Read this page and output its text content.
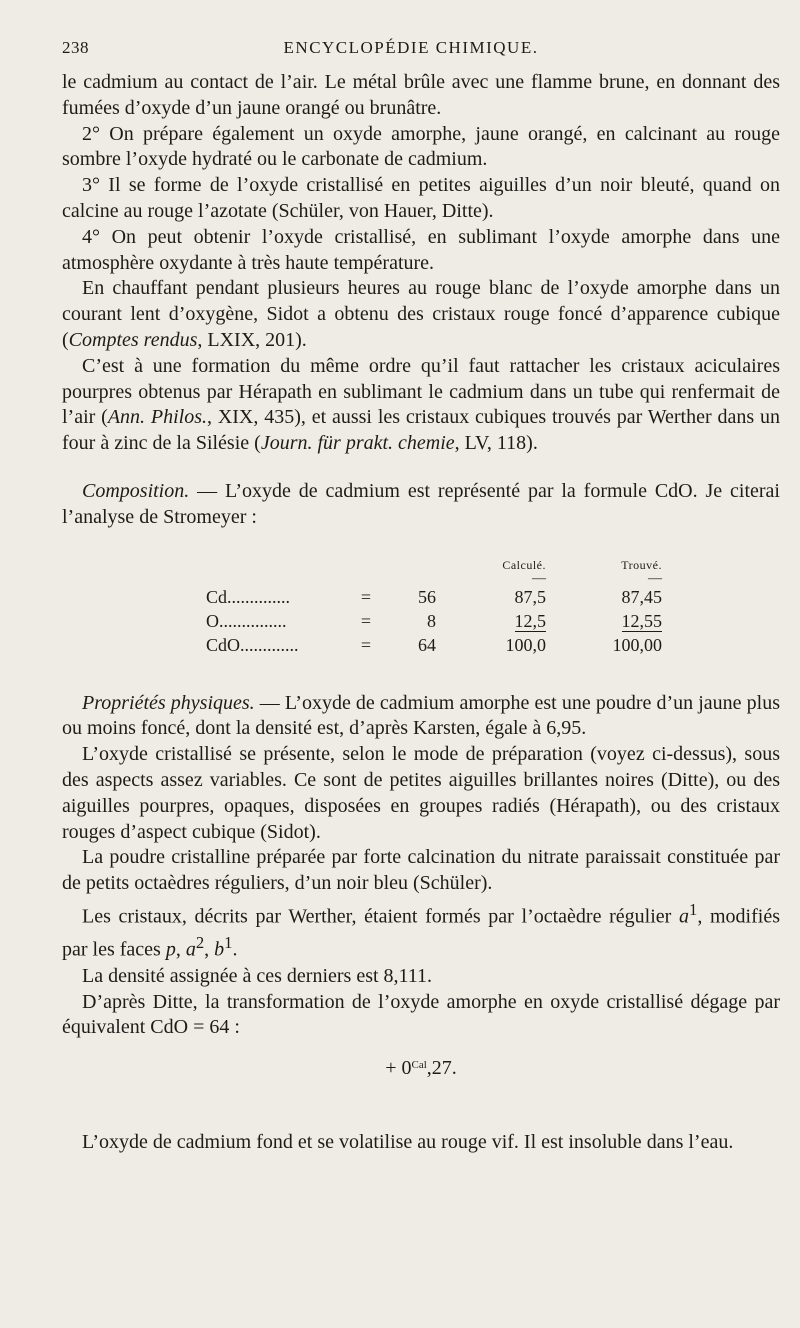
238	ENCYCLOPÉDIE CHIMIQUE.

le cadmium au contact de l’air. Le métal brûle avec une flamme brune, en donnant des fumées d’oxyde d’un jaune orangé ou brunâtre.

2° On prépare également un oxyde amorphe, jaune orangé, en calcinant au rouge sombre l’oxyde hydraté ou le carbonate de cadmium.

3° Il se forme de l’oxyde cristallisé en petites aiguilles d’un noir bleuté, quand on calcine au rouge l’azotate (Schüler, von Hauer, Ditte).

4° On peut obtenir l’oxyde cristallisé, en sublimant l’oxyde amorphe dans une atmosphère oxydante à très haute température.

En chauffant pendant plusieurs heures au rouge blanc de l’oxyde amorphe dans un courant lent d’oxygène, Sidot a obtenu des cristaux rouge foncé d’apparence cubique (Comptes rendus, LXIX, 201).

C’est à une formation du même ordre qu’il faut rattacher les cristaux aciculaires pourpres obtenus par Hérapath en sublimant le cadmium dans un tube qui renfermait de l’air (Ann. Philos., XIX, 435), et aussi les cristaux cubiques trouvés par Werther dans un four à zinc de la Silésie (Journ. für prakt. chemie, LV, 118).

Composition. — L’oxyde de cadmium est représenté par la formule CdO. Je citerai l’analyse de Stromeyer :

			Calculé.	Trouvé.
			—	—
Cd..............	=	56	87,5	87,45
O...............	=	8	12,5	12,55
CdO.............	=	64	100,0	100,00

Propriétés physiques. — L’oxyde de cadmium amorphe est une poudre d’un jaune plus ou moins foncé, dont la densité est, d’après Karsten, égale à 6,95.

L’oxyde cristallisé se présente, selon le mode de préparation (voyez ci-dessus), sous des aspects assez variables. Ce sont de petites aiguilles brillantes noires (Ditte), ou des aiguilles pourpres, opaques, disposées en groupes radiés (Hérapath), ou des cristaux rouges d’aspect cubique (Sidot).

La poudre cristalline préparée par forte calcination du nitrate paraissait constituée par de petits octaèdres réguliers, d’un noir bleu (Schüler).

Les cristaux, décrits par Werther, étaient formés par l’octaèdre régulier $a^1$, modifiés par les faces p, $a^2$, $b^1$.

La densité assignée à ces derniers est 8,111.

D’après Ditte, la transformation de l’oxyde amorphe en oxyde cristallisé dégage par équivalent CdO = 64 :

+ $0^{Cal},27$.

L’oxyde de cadmium fond et se volatilise au rouge vif. Il est insoluble dans l’eau.
